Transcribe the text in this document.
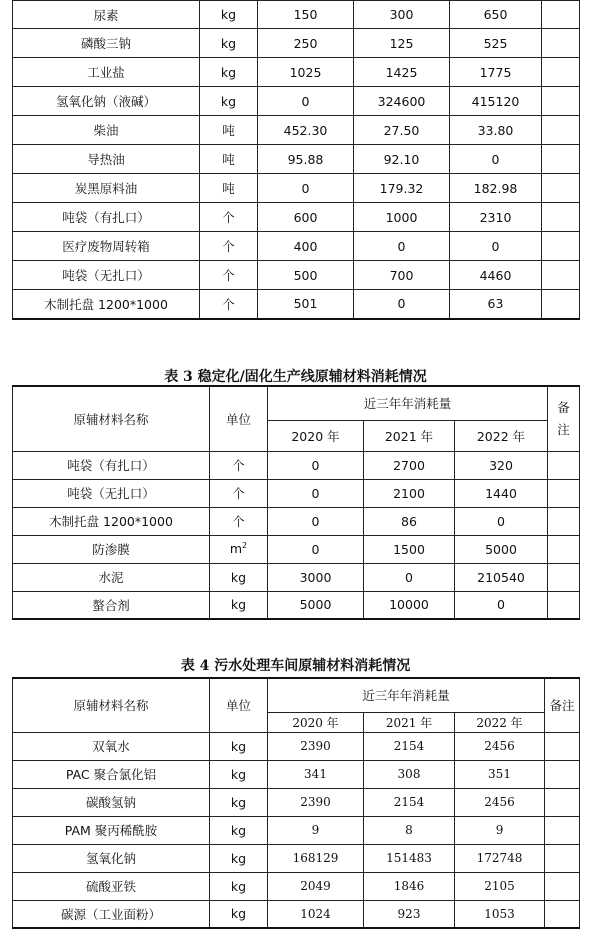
尿素	kg	150	300	650	
磷酸三钠	kg	250	125	525	
工业盐	kg	1025	1425	1775	
氢氧化钠（液碱）	kg	0	324600	415120	
柴油	吨	452.30	27.50	33.80	
导热油	吨	95.88	92.10	0	
炭黑原料油	吨	0	179.32	182.98	
吨袋（有扎口）	个	600	1000	2310	
医疗废物周转箱	个	400	0	0	
吨袋（无扎口）	个	500	700	4460	
木制托盘 1200*1000	个	501	0	63	
表 3 稳定化/固化生产线原辅材料消耗情况
原辅材料名称	单位	近三年年消耗量			备
注

		2020 年	2021 年	2022 年	
吨袋（有扎口）	个	0	2700	320	
吨袋（无扎口）	个	0	2100	1440	
木制托盘 1200*1000	个	0	86	0	
防渗膜	$m^2$	0	1500	5000	
水泥	kg	3000	0	210540	
螯合剂	kg	5000	10000	0	
表 4 污水处理车间原辅材料消耗情况
原辅材料名称	单位	近三年年消耗量			备注
		2020 年	2021 年	2022 年	
双氧水	kg	2390	2154	2456	
PAC 聚合氯化铝	kg	341	308	351	
碳酸氢钠	kg	2390	2154	2456	
PAM 聚丙稀酰胺	kg	9	8	9	
氢氧化钠	kg	168129	151483	172748	
硫酸亚铁	kg	2049	1846	2105	
碳源（工业面粉）	kg	1024	923	1053	
